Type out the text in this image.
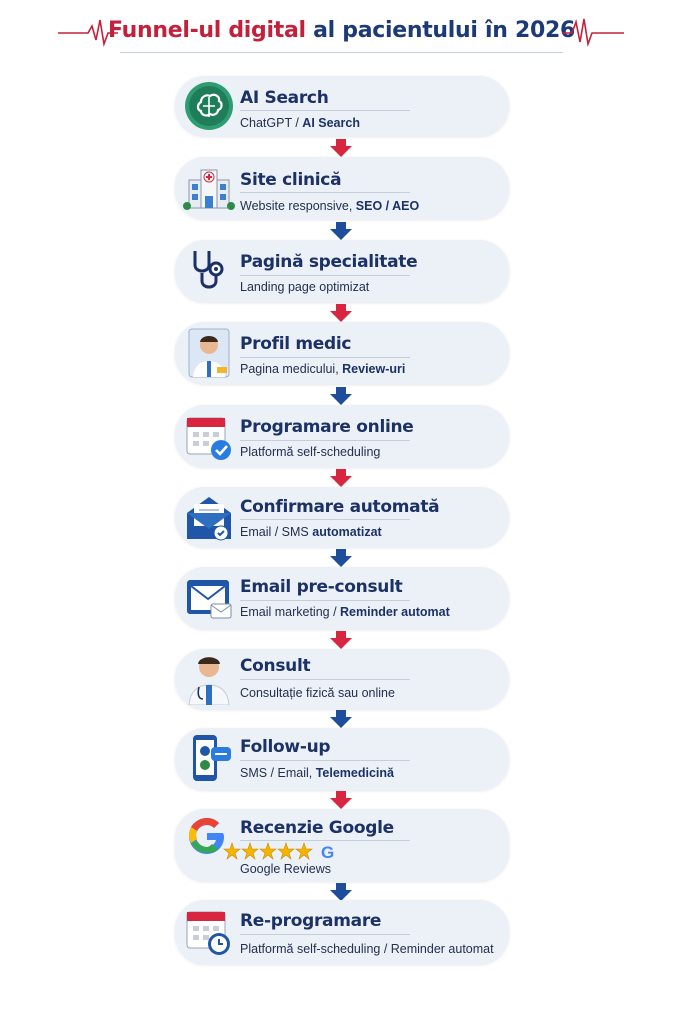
Funnel-ul digital al pacientului în 2026
AI Search
ChatGPT / AI Search
Site clinică
Website responsive, SEO / AEO
Pagină specialitate
Landing page optimizat
Profil medic
Pagina medicului, Review-uri
Programare online
Platformă self-scheduling
Confirmare automată
Email / SMS automatizat
Email pre-consult
Email marketing / Reminder automat
Consult
Consultație fizică sau online
Follow-up
SMS / Email, Telemedicină
G
Recenzie Google
Google Reviews
Re-programare
Platformă self-scheduling / Reminder automat
